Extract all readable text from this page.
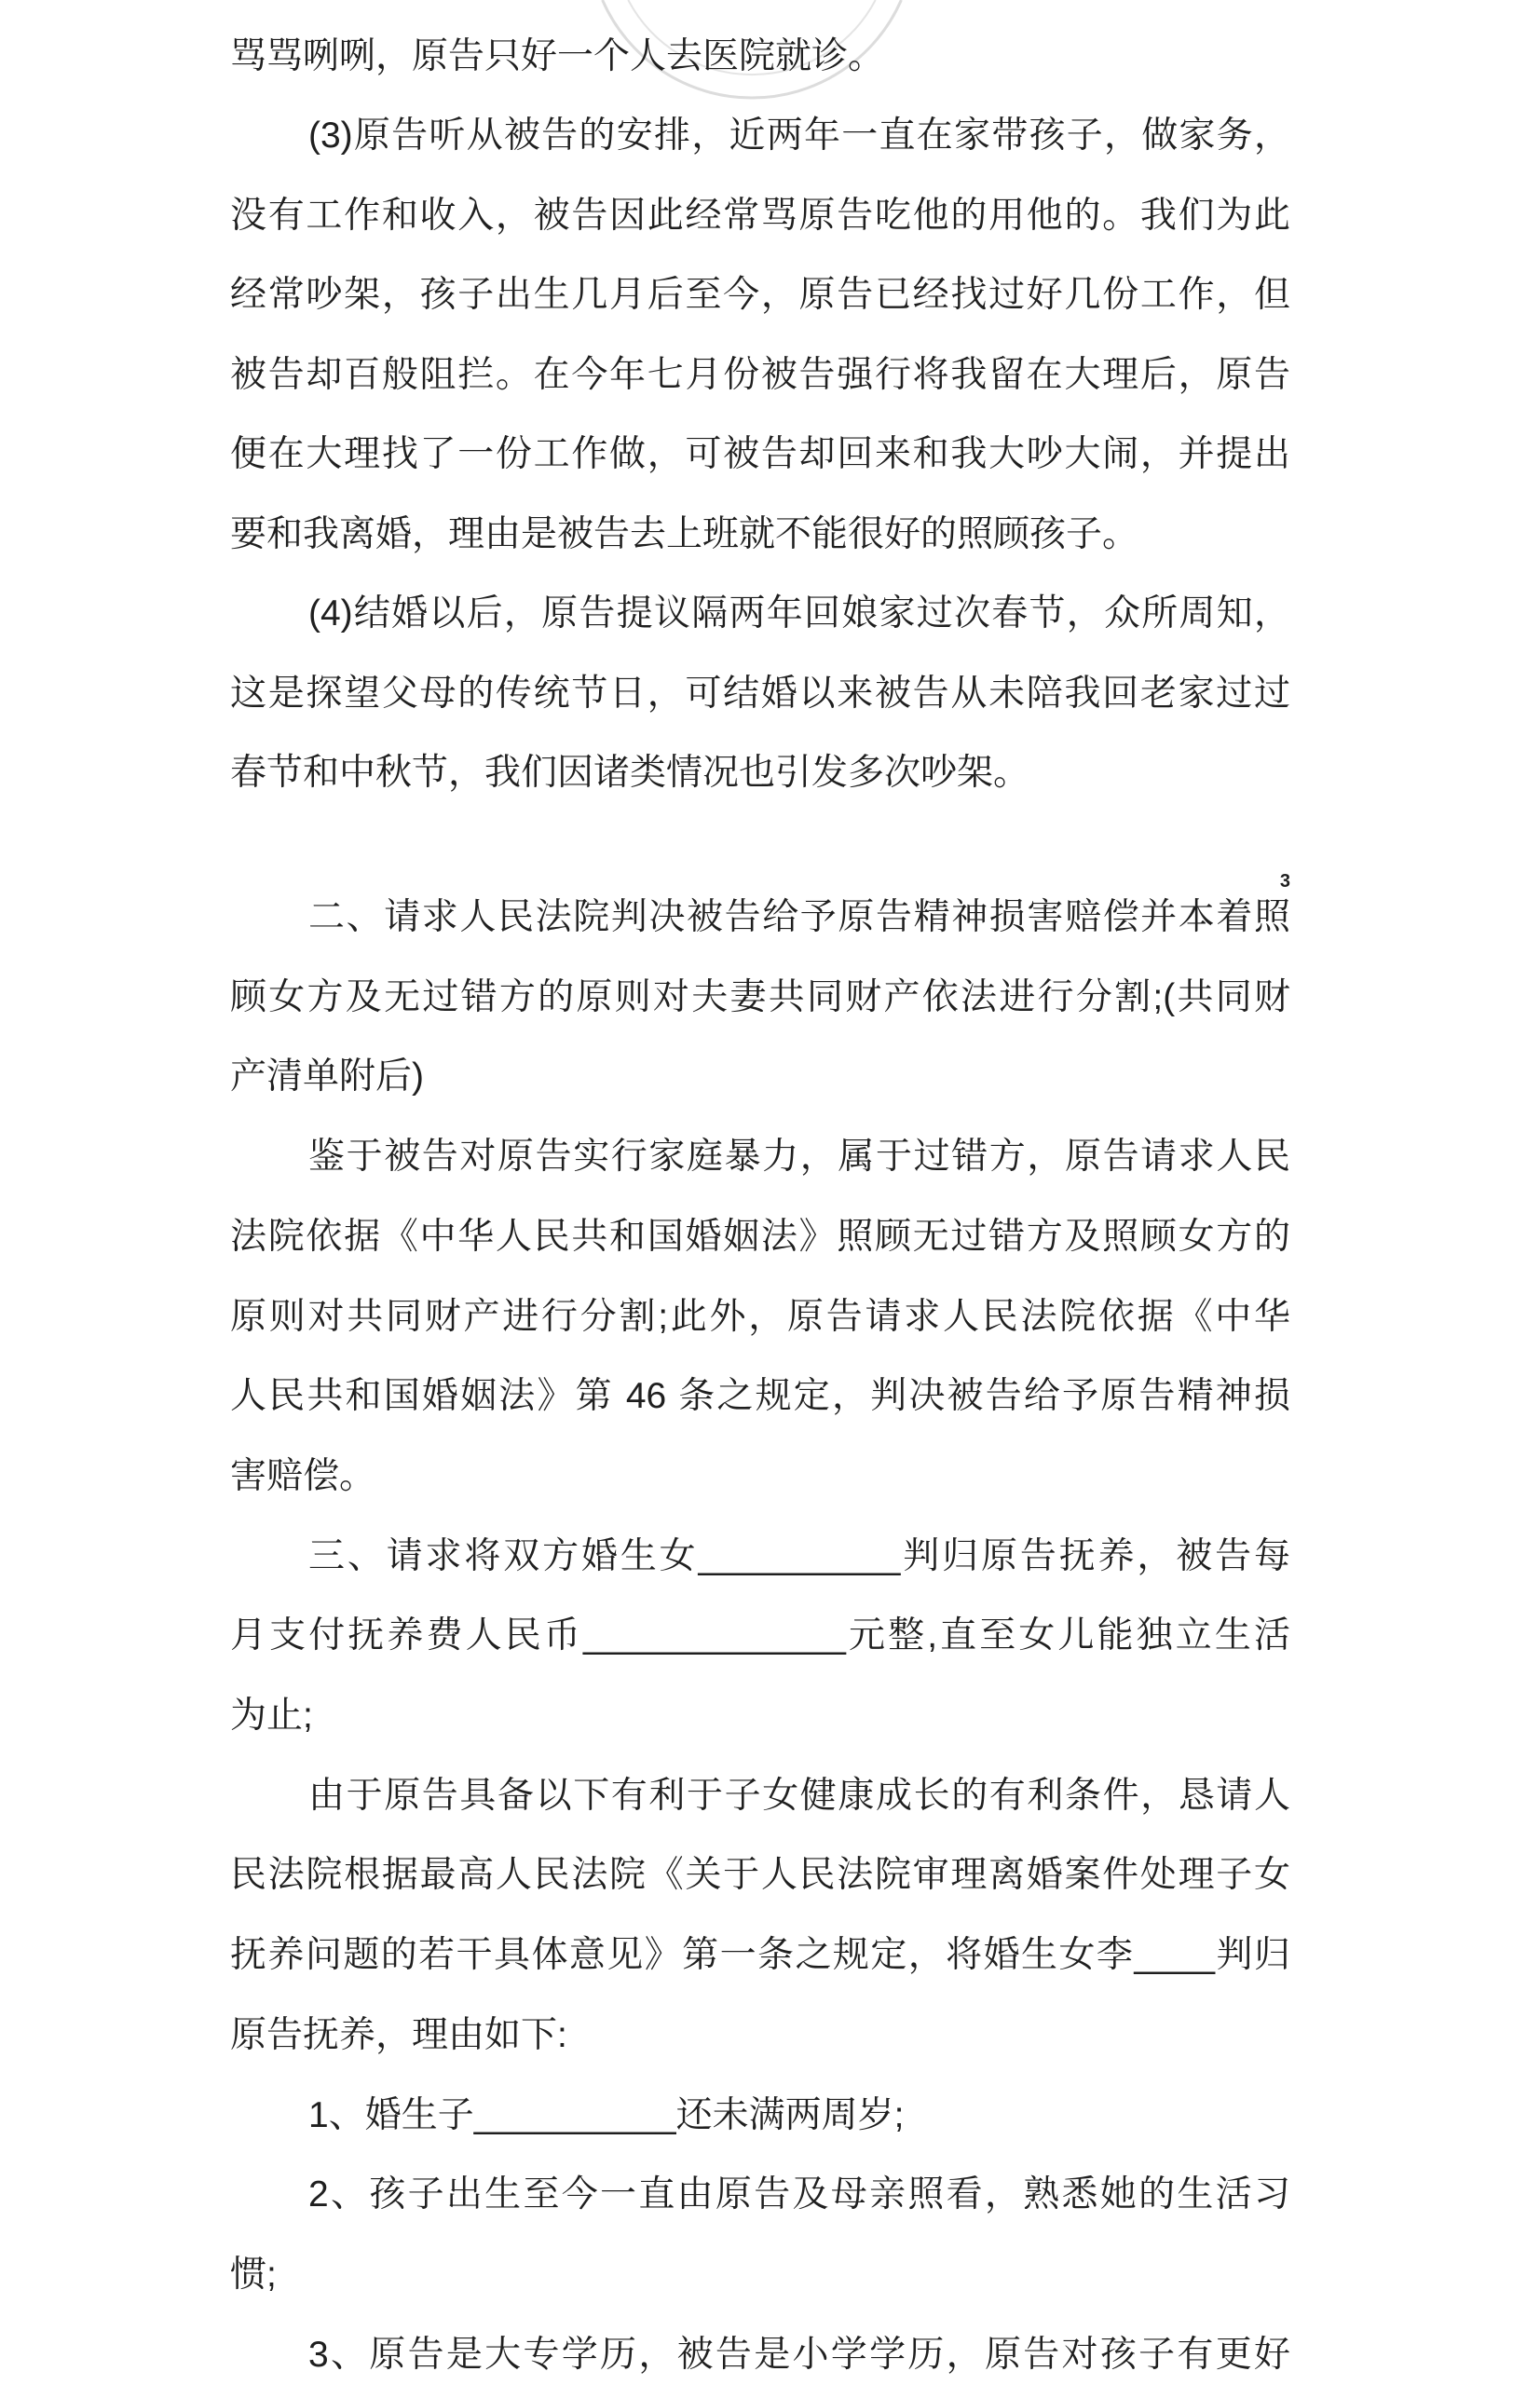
骂骂咧咧，原告只好一个人去医院就诊。
(3)原告听从被告的安排，近两年一直在家带孩子，做家务，
没有工作和收入，被告因此经常骂原告吃他的用他的。我们为此
经常吵架，孩子出生几月后至今，原告已经找过好几份工作，但
被告却百般阻拦。在今年七月份被告强行将我留在大理后，原告
便在大理找了一份工作做，可被告却回来和我大吵大闹，并提出
要和我离婚，理由是被告去上班就不能很好的照顾孩子。
(4)结婚以后，原告提议隔两年回娘家过次春节，众所周知，
这是探望父母的传统节日，可结婚以来被告从未陪我回老家过过
春节和中秋节，我们因诸类情况也引发多次吵架。
3
二、请求人民法院判决被告给予原告精神损害赔偿并本着照
顾女方及无过错方的原则对夫妻共同财产依法进行分割;(共同财
产清单附后)
鉴于被告对原告实行家庭暴力，属于过错方，原告请求人民
法院依据《中华人民共和国婚姻法》照顾无过错方及照顾女方的
原则对共同财产进行分割;此外，原告请求人民法院依据《中华
人民共和国婚姻法》第 46 条之规定，判决被告给予原告精神损
害赔偿。
三、请求将双方婚生女__________判归原告抚养，被告每
月支付抚养费人民币_____________元整,直至女儿能独立生活
为止;
由于原告具备以下有利于子女健康成长的有利条件，恳请人
民法院根据最高人民法院《关于人民法院审理离婚案件处理子女
抚养问题的若干具体意见》第一条之规定，将婚生女李____判归
原告抚养，理由如下:
1、婚生子__________还未满两周岁;
2、孩子出生至今一直由原告及母亲照看，熟悉她的生活习
惯;
3、原告是大专学历，被告是小学学历，原告对孩子有更好
